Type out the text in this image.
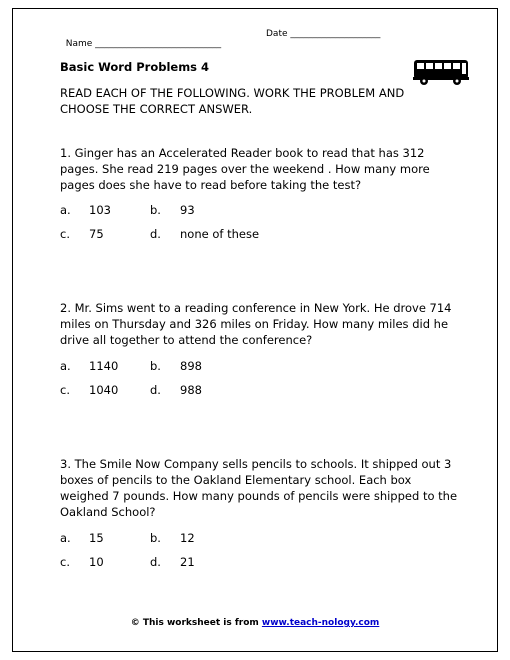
Name ____________________________

Date ____________________

Basic Word Problems 4
READ EACH OF THE FOLLOWING. WORK THE PROBLEM AND CHOOSE THE CORRECT ANSWER.
1. Ginger has an Accelerated Reader book to read that has 312 pages. She read 219 pages over the weekend . How many more pages does she have to read before taking the test?
a. 103	b. 93
c. 75	d. none of these
2. Mr. Sims went to a reading conference in New York. He drove 714 miles on Thursday and 326 miles on Friday. How many miles did he drive all together to attend the conference?
a. 1140	b. 898
c. 1040	d. 988
3. The Smile Now Company sells pencils to schools. It shipped out 3 boxes of pencils to the Oakland Elementary school. Each box weighed 7 pounds. How many pounds of pencils were shipped to the Oakland School?
a. 15	b. 12
c. 10	d. 21
© This worksheet is from www.teach-nology.com
